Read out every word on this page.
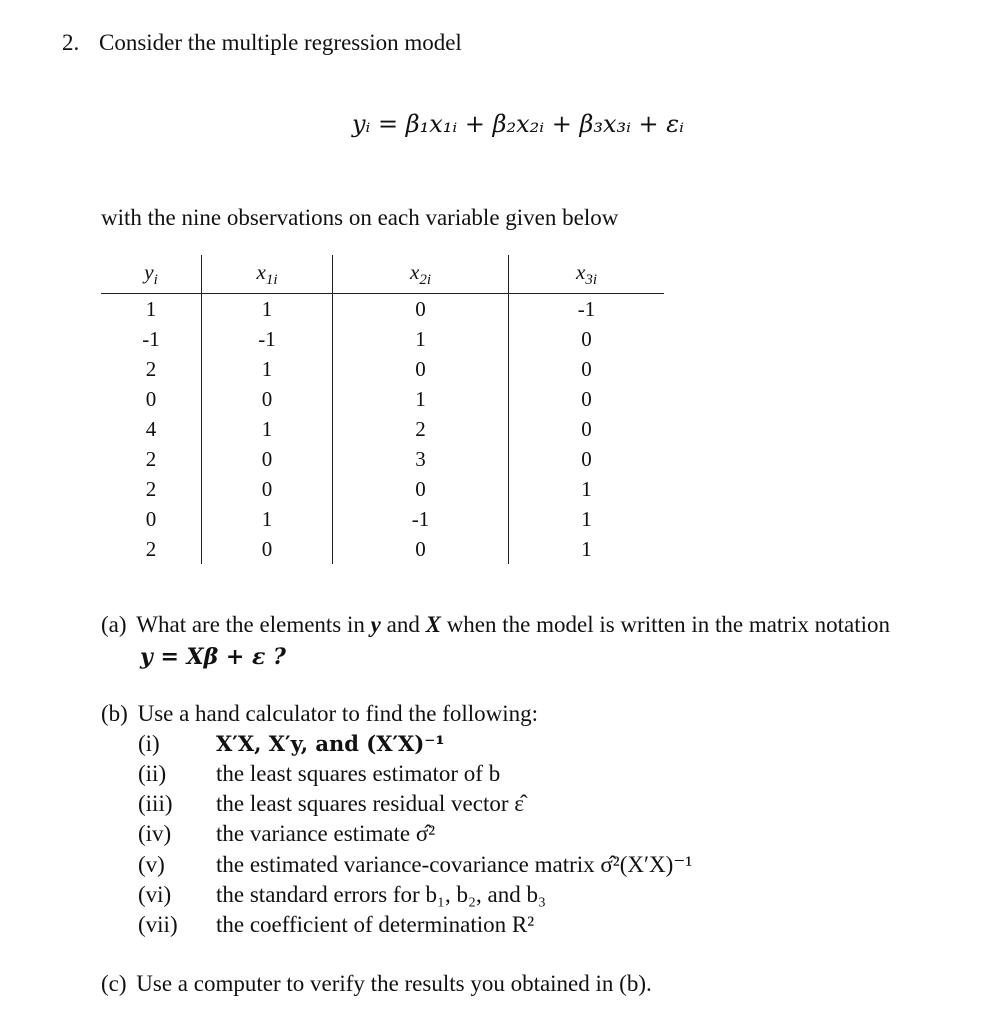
2. Consider the multiple regression model
yᵢ = β₁x₁ᵢ + β₂x₂ᵢ + β₃x₃ᵢ + εᵢ
with the nine observations on each variable given below
$y_i$	$x_{1i}$	$x_{2i}$	$x_{3i}$
1	1	0	-1
-1	-1	1	0
2	1	0	0
0	0	1	0
4	1	2	0
2	0	3	0
2	0	0	1
0	1	-1	1
2	0	0	1
(a) What are the elements in y and X when the model is written in the matrix notation
y = Xβ + ε ?
(b) Use a hand calculator to find the following:
(i)	X′X, X′y, and (X′X)⁻¹
(ii) the least squares estimator of b
(iii) the least squares residual vector ε̂
(iv) the variance estimate σ̂²
(v) the estimated variance-covariance matrix σ̂²(X′X)⁻¹
(vi) the standard errors for b₁, b₂, and b₃
(vii) the coefficient of determination R²
(c) Use a computer to verify the results you obtained in (b).
